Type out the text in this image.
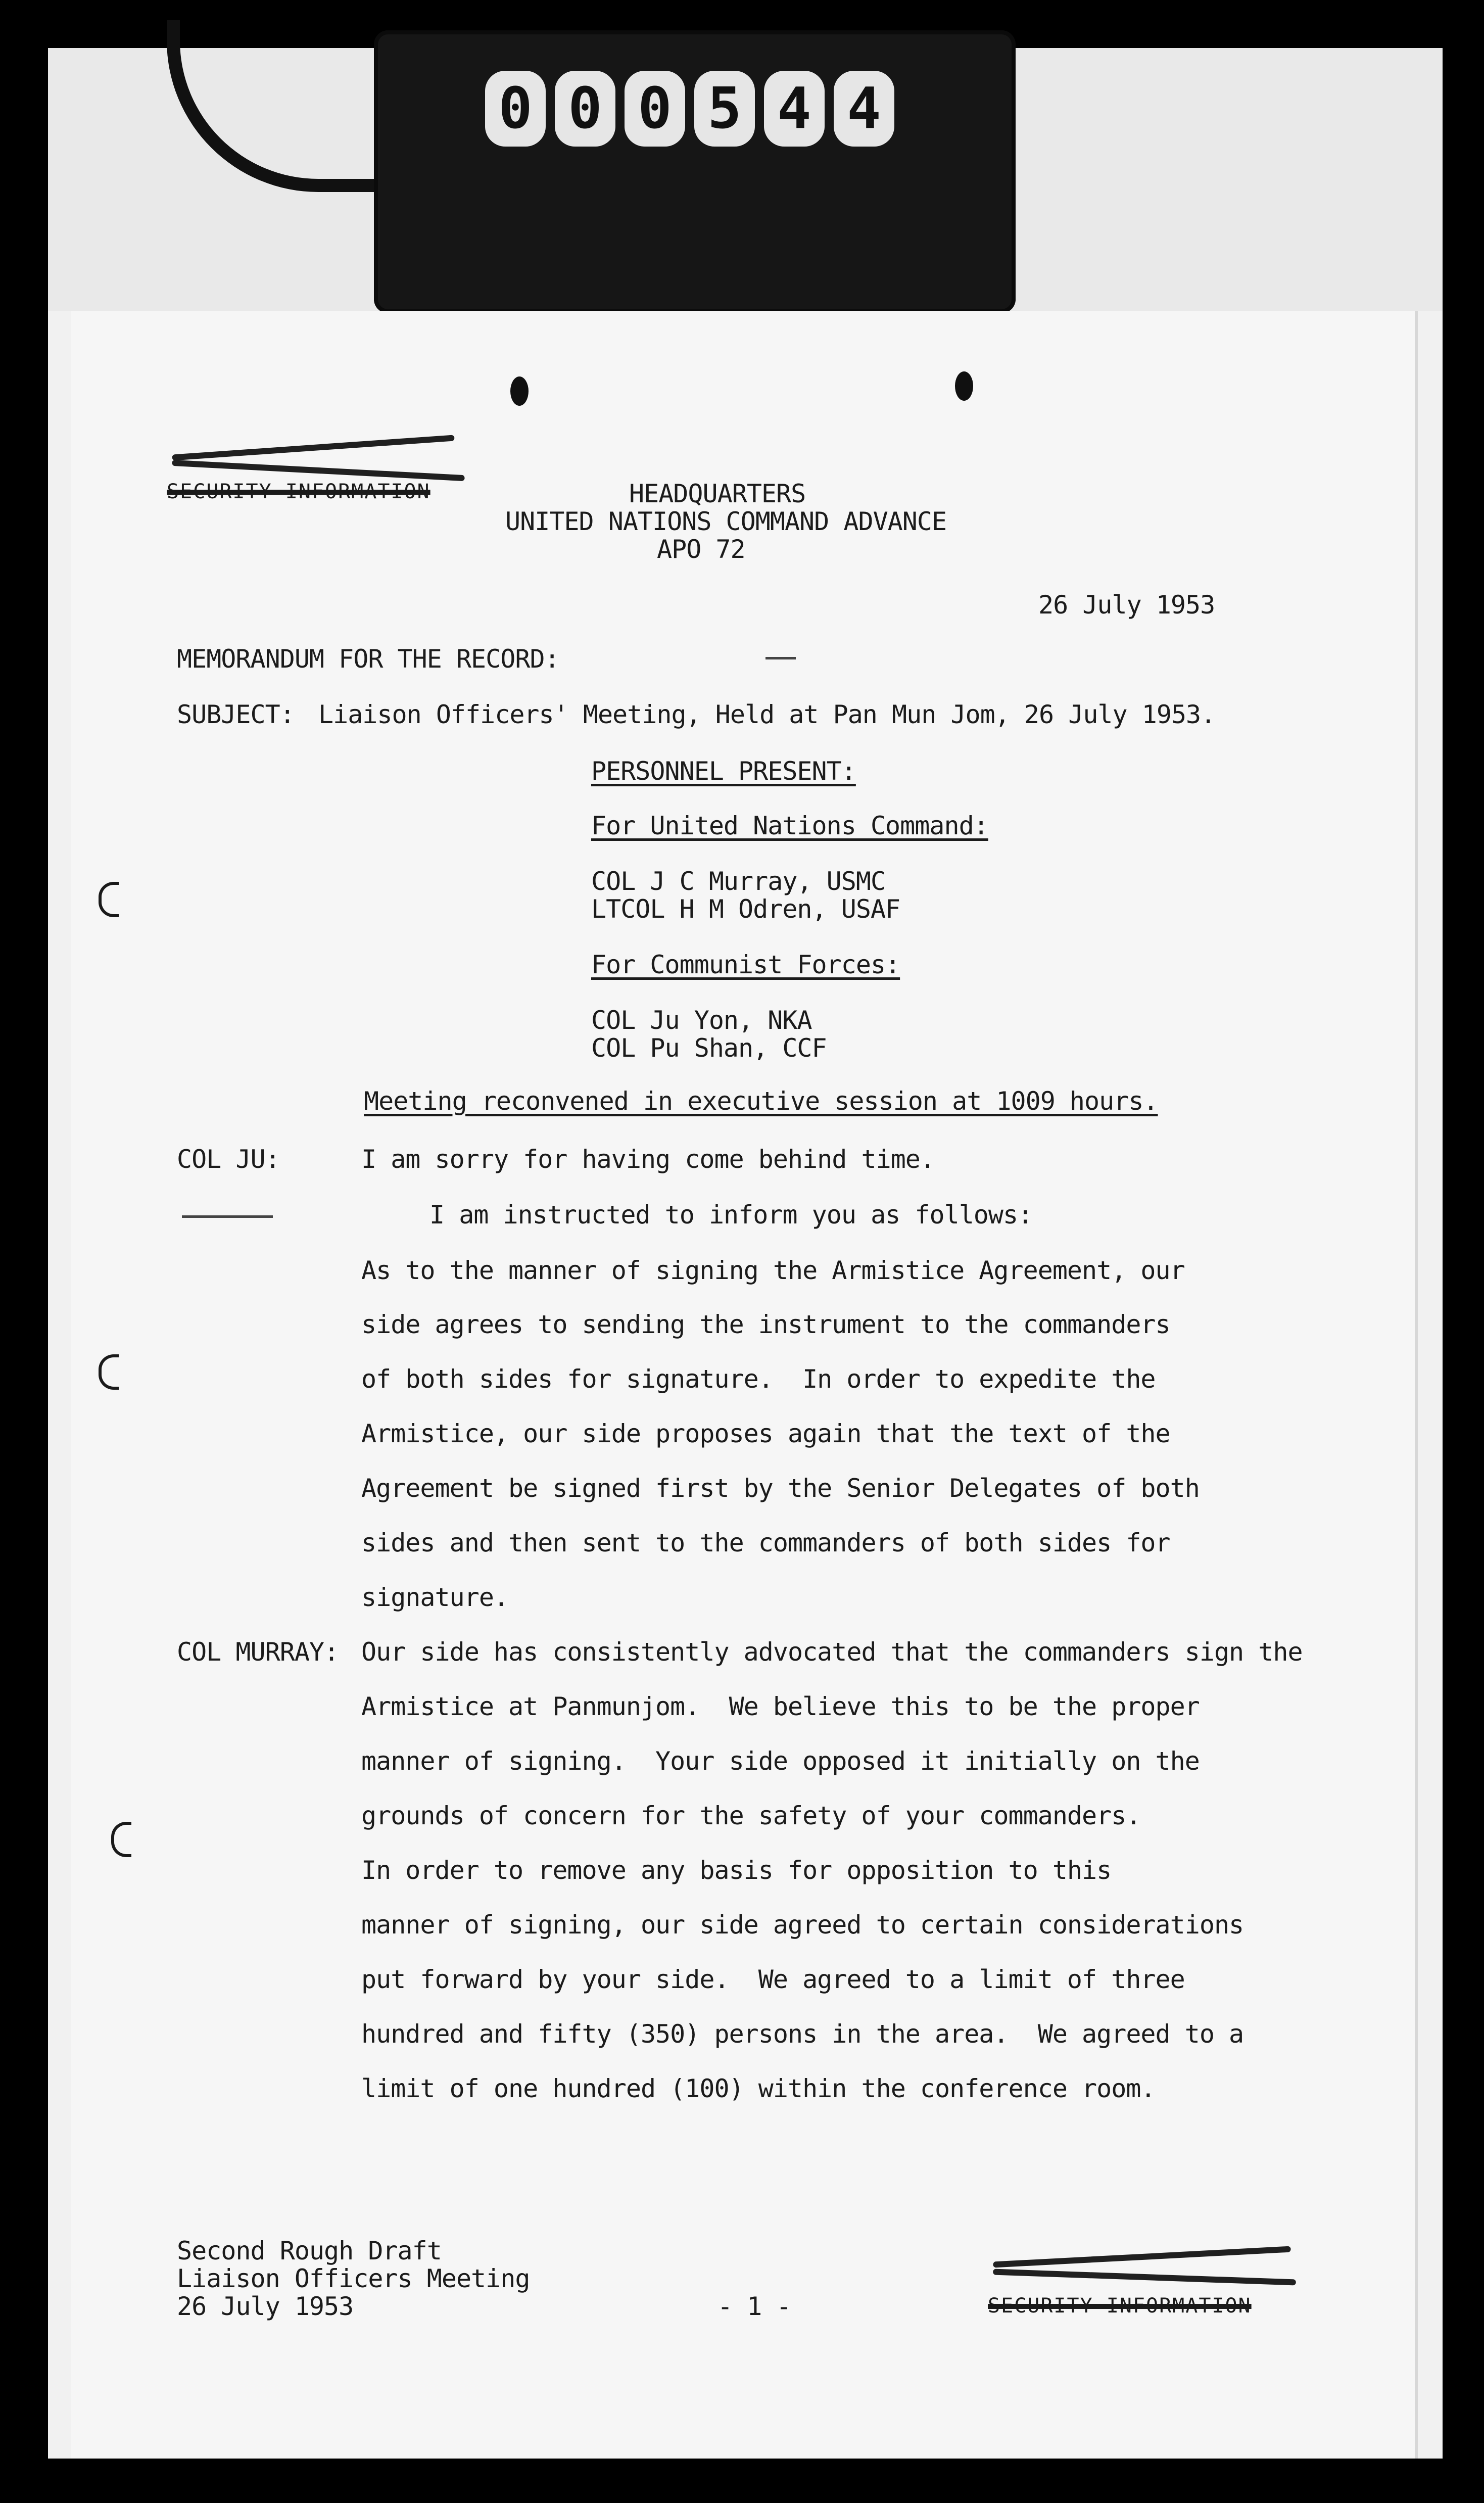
0 0 0 5 4 4
SECURITY INFORMATION	HEADQUARTERS
UNITED NATIONS COMMAND ADVANCE
APO 72
26 July 1953
MEMORANDUM FOR THE RECORD:
SUBJECT: Liaison Officers' Meeting, Held at Pan Mun Jom, 26 July 1953.
PERSONNEL PRESENT:
For United Nations Command:
COL J C Murray, USMC
LTCOL H M Odren, USAF
For Communist Forces:
COL Ju Yon, NKA
COL Pu Shan, CCF
Meeting reconvened in executive session at 1009 hours.
COL JU:	I am sorry for having come behind time.
I am instructed to inform you as follows:
As to the manner of signing the Armistice Agreement, our
side agrees to sending the instrument to the commanders
of both sides for signature.  In order to expedite the
Armistice, our side proposes again that the text of the
Agreement be signed first by the Senior Delegates of both
sides and then sent to the commanders of both sides for
signature.
COL MURRAY: Our side has consistently advocated that the commanders sign the
Armistice at Panmunjom.  We believe this to be the proper
manner of signing.  Your side opposed it initially on the
grounds of concern for the safety of your commanders.
In order to remove any basis for opposition to this
manner of signing, our side agreed to certain considerations
put forward by your side.  We agreed to a limit of three
hundred and fifty (350) persons in the area.  We agreed to a
limit of one hundred (100) within the conference room.
Second Rough Draft
Liaison Officers Meeting
26 July 1953	- 1 -	SECURITY INFORMATION
